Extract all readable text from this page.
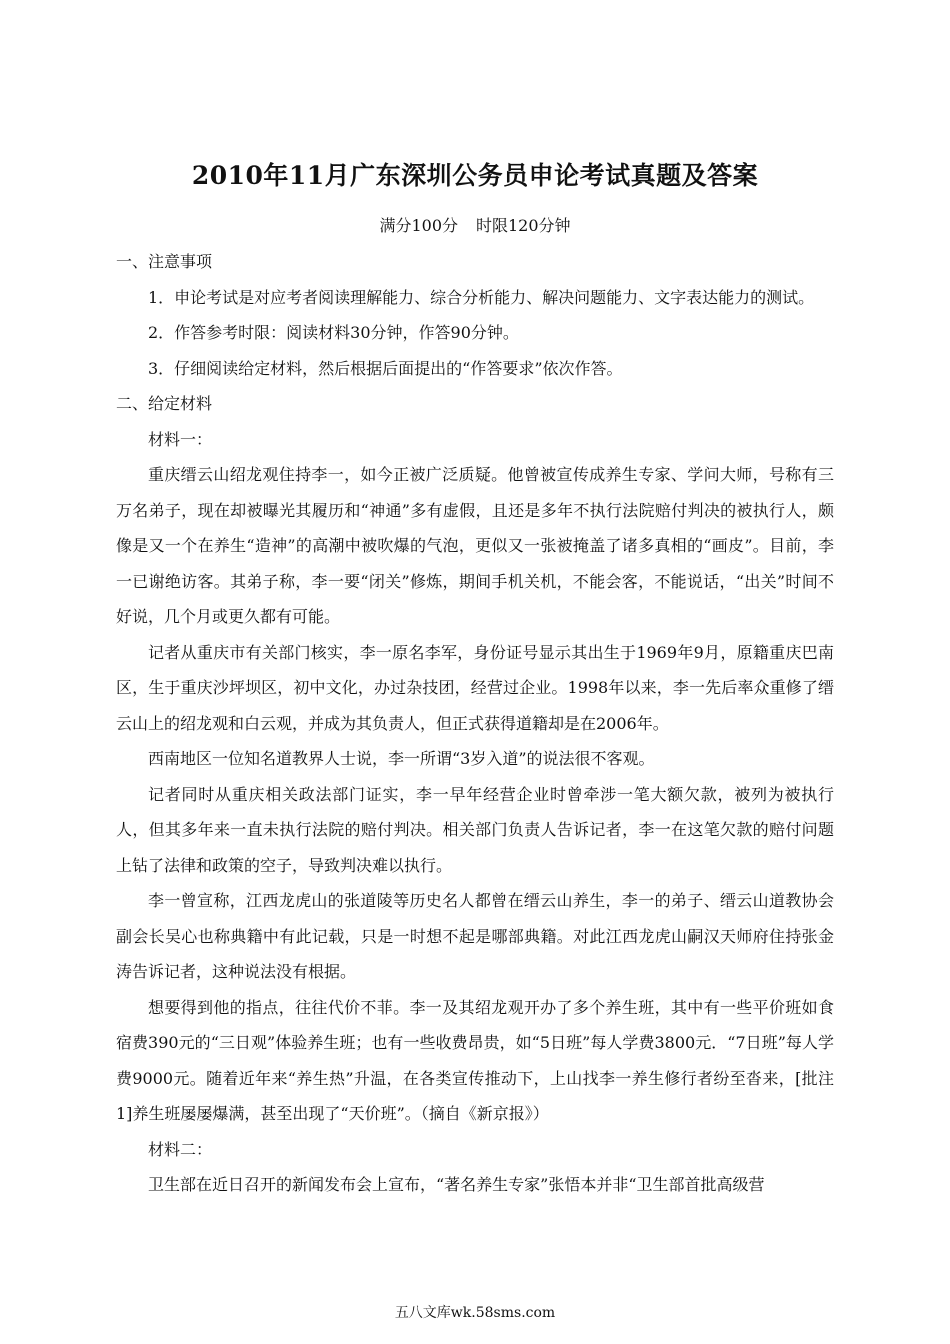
2010年11月广东深圳公务员申论考试真题及答案
满分100分 时限120分钟

一、注意事项

1．申论考试是对应考者阅读理解能力、综合分析能力、解决问题能力、文字表达能力的测试。

2．作答参考时限：阅读材料30分钟，作答90分钟。

3．仔细阅读给定材料，然后根据后面提出的“作答要求”依次作答。

二、给定材料

材料一：

重庆缙云山绍龙观住持李一，如今正被广泛质疑。他曾被宣传成养生专家、学问大师，号称有三万名弟子，现在却被曝光其履历和“神通”多有虚假，且还是多年不执行法院赔付判决的被执行人，颇像是又一个在养生“造神”的高潮中被吹爆的气泡，更似又一张被掩盖了诸多真相的“画皮”。目前，李一已谢绝访客。其弟子称，李一要“闭关”修炼，期间手机关机，不能会客，不能说话，“出关”时间不好说，几个月或更久都有可能。

记者从重庆市有关部门核实，李一原名李军，身份证号显示其出生于1969年9月，原籍重庆巴南区，生于重庆沙坪坝区，初中文化，办过杂技团，经营过企业。1998年以来，李一先后率众重修了缙云山上的绍龙观和白云观，并成为其负责人，但正式获得道籍却是在2006年。

西南地区一位知名道教界人士说，李一所谓“3岁入道”的说法很不客观。

记者同时从重庆相关政法部门证实，李一早年经营企业时曾牵涉一笔大额欠款，被列为被执行人，但其多年来一直未执行法院的赔付判决。相关部门负责人告诉记者，李一在这笔欠款的赔付问题上钻了法律和政策的空子，导致判决难以执行。

李一曾宣称，江西龙虎山的张道陵等历史名人都曾在缙云山养生，李一的弟子、缙云山道教协会副会长吴心也称典籍中有此记载，只是一时想不起是哪部典籍。对此江西龙虎山嗣汉天师府住持张金涛告诉记者，这种说法没有根据。

想要得到他的指点，往往代价不菲。李一及其绍龙观开办了多个养生班，其中有一些平价班如食宿费390元的“三日观”体验养生班；也有一些收费昂贵，如“5日班”每人学费3800元．“7日班”每人学费9000元。随着近年来“养生热”升温，在各类宣传推动下，上山找李一养生修行者纷至沓来，[批注1]养生班屡屡爆满，甚至出现了“天价班”。（摘自《新京报》）

材料二：

卫生部在近日召开的新闻发布会上宣布，“著名养生专家”张悟本并非“卫生部首批高级营

五八文库wk.58sms.com
